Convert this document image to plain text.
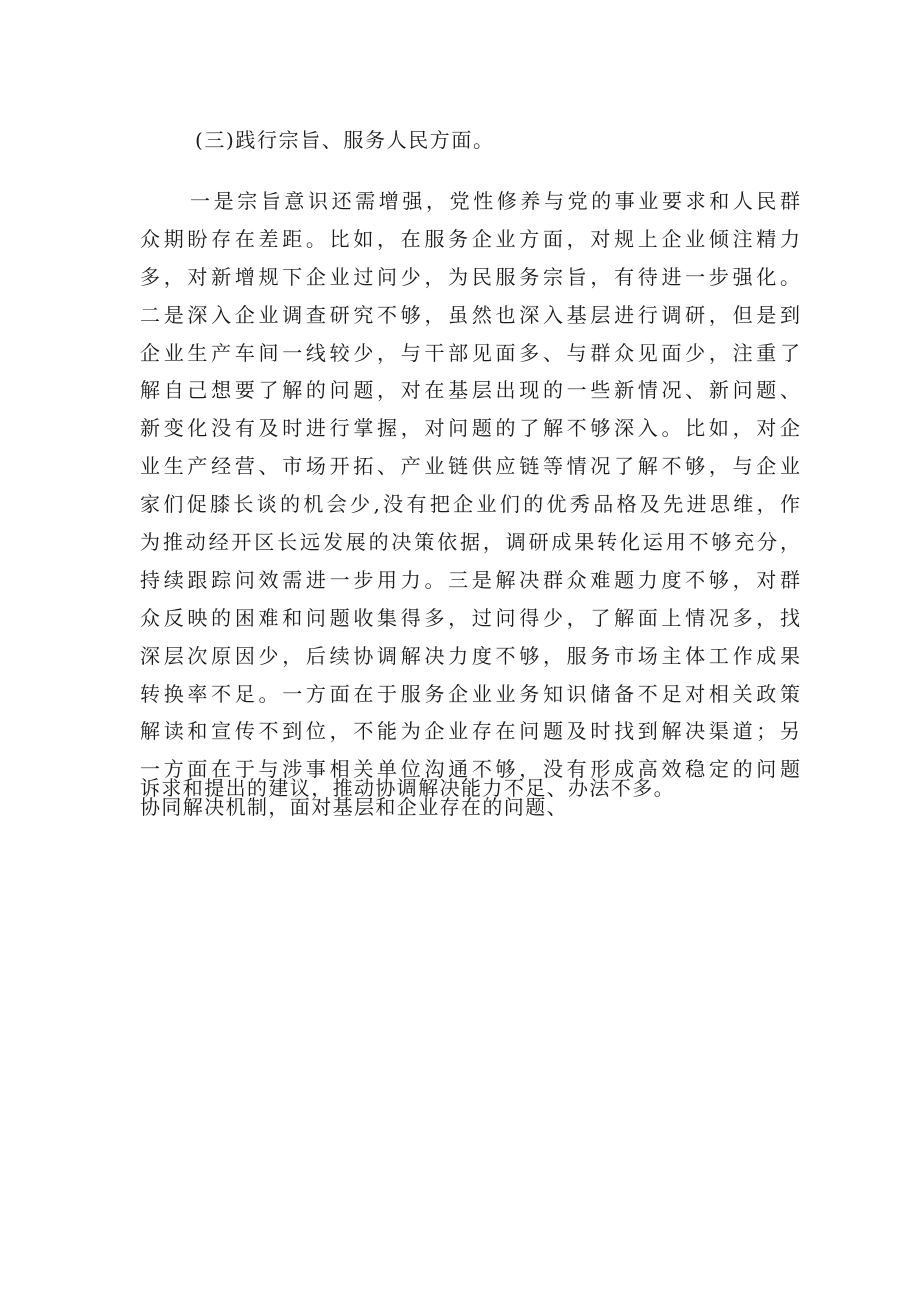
(三)践行宗旨、服务人民方面。
一是宗旨意识还需增强，党性修养与党的事业要求和人民群
众期盼存在差距。比如，在服务企业方面，对规上企业倾注精力
多，对新增规下企业过问少，为民服务宗旨，有待进一步强化。
二是深入企业调查研究不够，虽然也深入基层进行调研，但是到
企业生产车间一线较少，与干部见面多、与群众见面少，注重了
解自己想要了解的问题，对在基层出现的一些新情况、新问题、
新变化没有及时进行掌握，对问题的了解不够深入。比如，对企
业生产经营、市场开拓、产业链供应链等情况了解不够，与企业
家们促膝长谈的机会少,没有把企业们的优秀品格及先进思维，作
为推动经开区长远发展的决策依据，调研成果转化运用不够充分，
持续跟踪问效需进一步用力。三是解决群众难题力度不够，对群
众反映的困难和问题收集得多，过问得少，了解面上情况多，找
深层次原因少，后续协调解决力度不够，服务市场主体工作成果
转换率不足。一方面在于服务企业业务知识储备不足对相关政策
解读和宣传不到位，不能为企业存在问题及时找到解决渠道；另
一方面在于与涉事相关单位沟通不够，没有形成高效稳定的问题
协同解决机制，面对基层和企业存在的问题、
诉求和提出的建议，推动协调解决能力不足、办法不多。
